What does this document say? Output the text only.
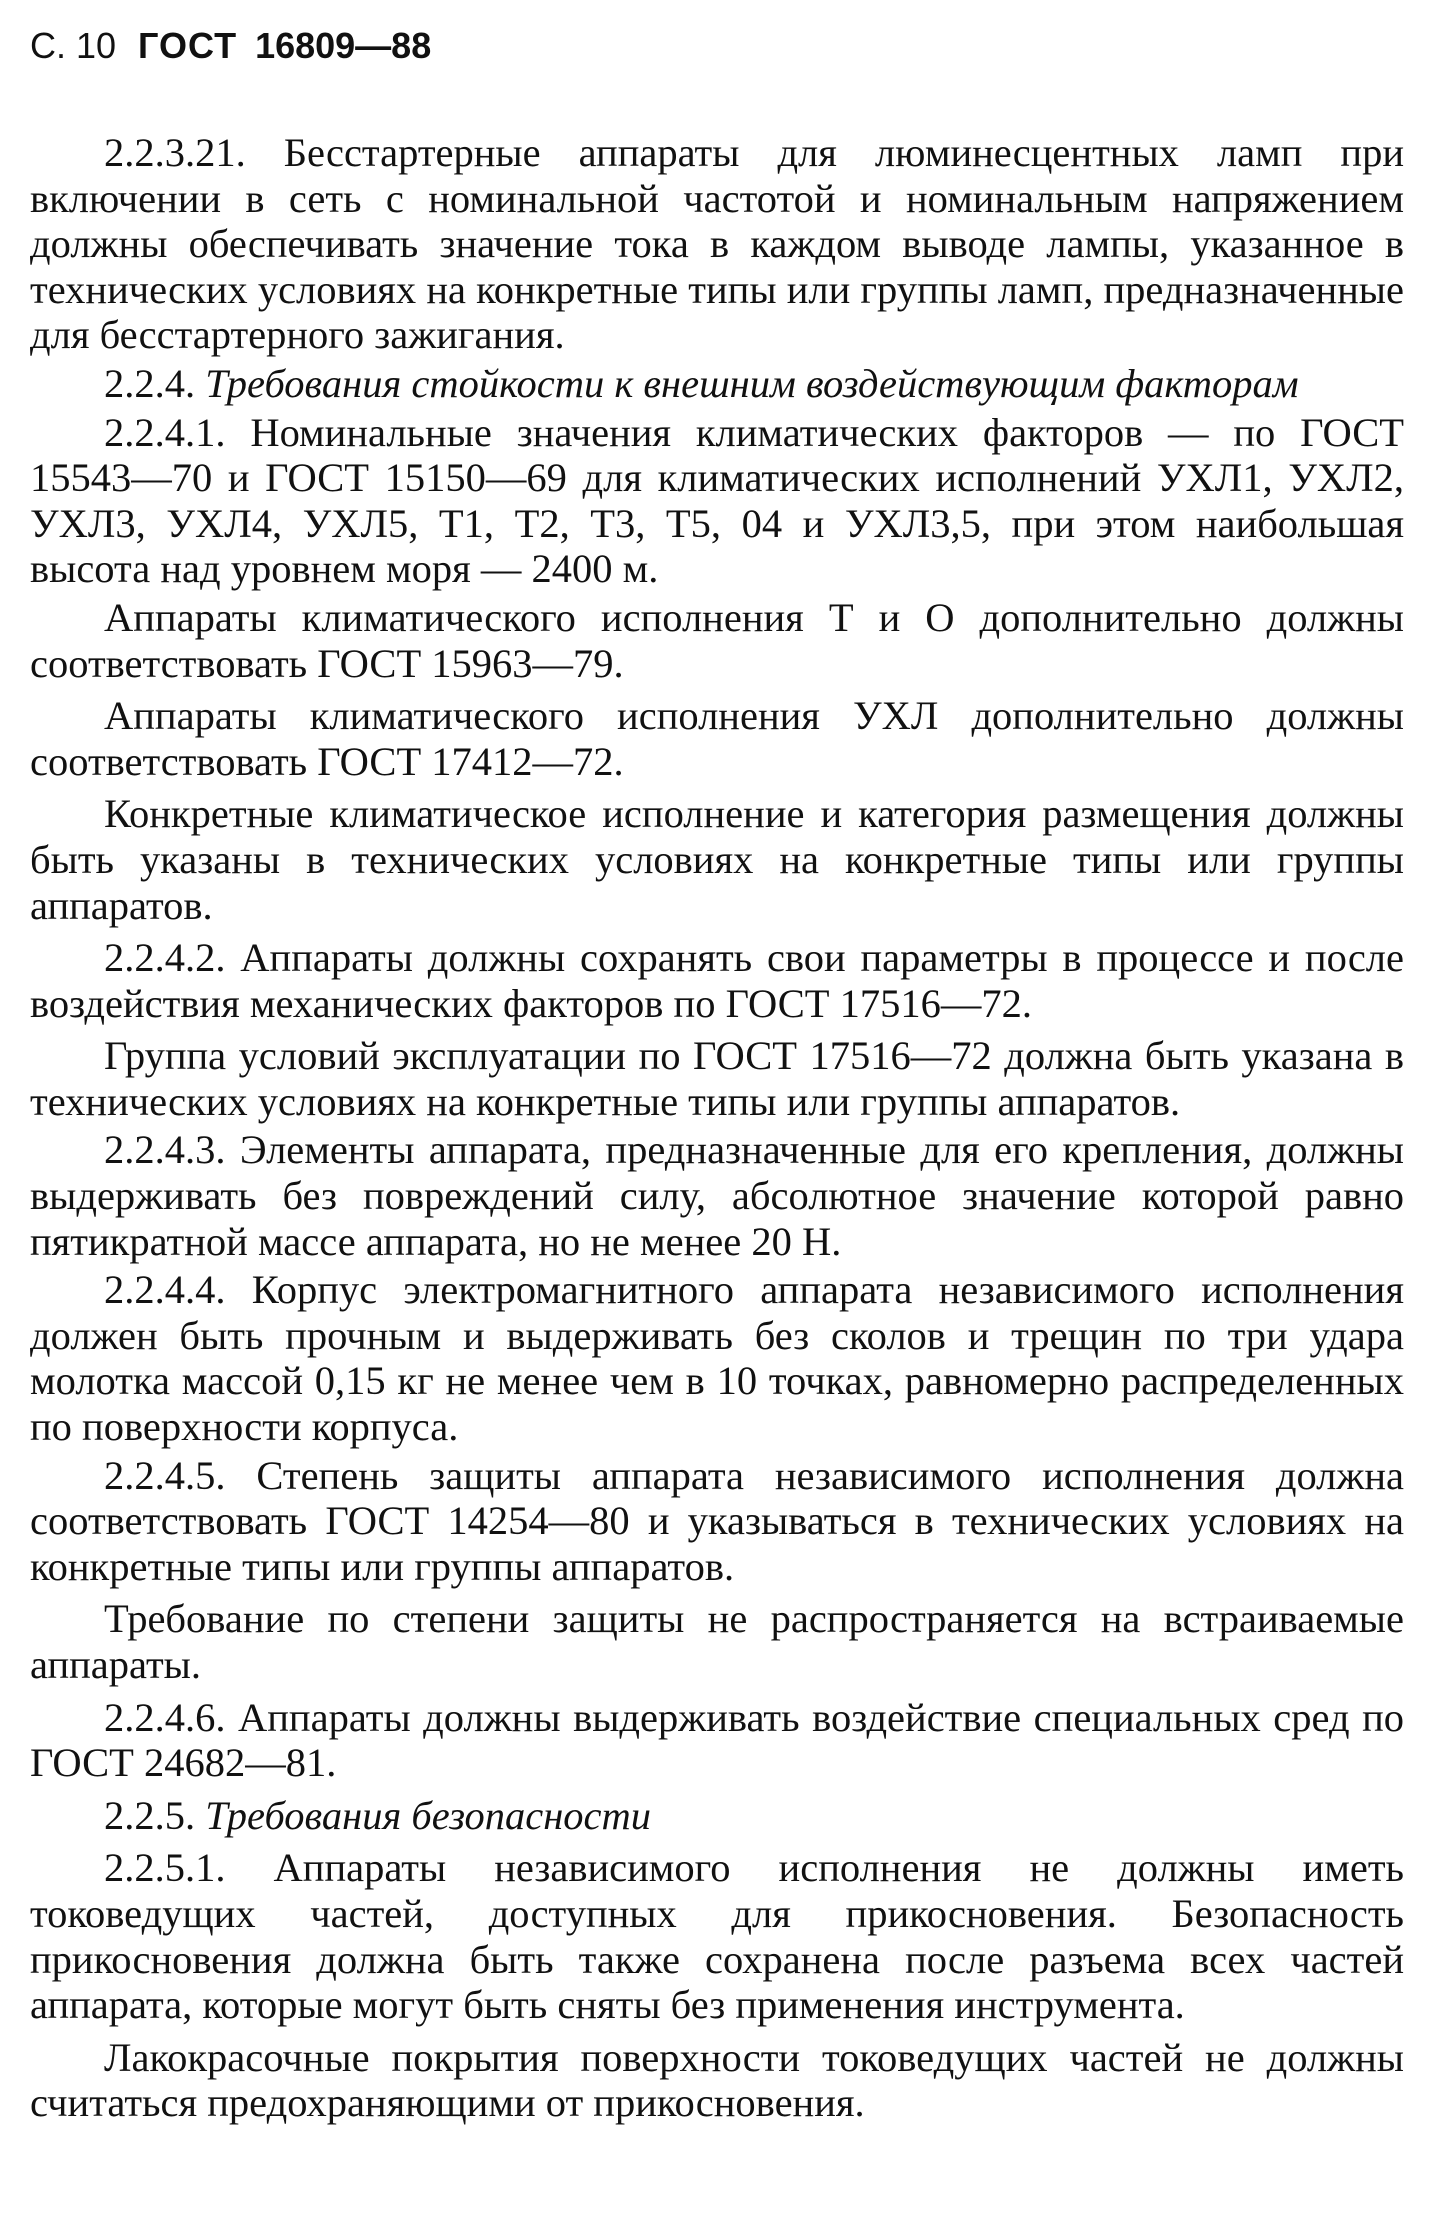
С. 10 ГОСТ 16809—88

2.2.3.21. Бесстартерные аппараты для люминесцентных ламп при включении в сеть с номинальной частотой и номинальным напряжением должны обеспечивать значение тока в каждом выводе лампы, указанное в технических условиях на конкретные типы или группы ламп, предназначенные для бесстартерного зажигания.

2.2.4. Требования стойкости к внешним воздействующим факторам

2.2.4.1. Номинальные значения климатических факторов — по ГОСТ 15543—70 и ГОСТ 15150—69 для климатических исполнений УХЛ1, УХЛ2, УХЛ3, УХЛ4, УХЛ5, Т1, Т2, Т3, Т5, 04 и УХЛ3,5, при этом наибольшая высота над уровнем моря — 2400 м.

Аппараты климатического исполнения Т и О дополнительно должны соответствовать ГОСТ 15963—79.

Аппараты климатического исполнения УХЛ дополнительно должны соответствовать ГОСТ 17412—72.

Конкретные климатическое исполнение и категория размещения должны быть указаны в технических условиях на конкретные типы или группы аппаратов.

2.2.4.2. Аппараты должны сохранять свои параметры в процессе и после воздействия механических факторов по ГОСТ 17516—72.

Группа условий эксплуатации по ГОСТ 17516—72 должна быть указана в технических условиях на конкретные типы или группы аппаратов.

2.2.4.3. Элементы аппарата, предназначенные для его крепления, должны выдерживать без повреждений силу, абсолютное значение которой равно пятикратной массе аппарата, но не менее 20 Н.

2.2.4.4. Корпус электромагнитного аппарата независимого исполнения должен быть прочным и выдерживать без сколов и трещин по три удара молотка массой 0,15 кг не менее чем в 10 точках, равномерно распределенных по поверхности корпуса.

2.2.4.5. Степень защиты аппарата независимого исполнения должна соответствовать ГОСТ 14254—80 и указываться в технических условиях на конкретные типы или группы аппаратов.

Требование по степени защиты не распространяется на встраиваемые аппараты.

2.2.4.6. Аппараты должны выдерживать воздействие специальных сред по ГОСТ 24682—81.

2.2.5. Требования безопасности

2.2.5.1. Аппараты независимого исполнения не должны иметь токоведущих частей, доступных для прикосновения. Безопасность прикосновения должна быть также сохранена после разъема всех частей аппарата, которые могут быть сняты без применения инструмента.

Лакокрасочные покрытия поверхности токоведущих частей не должны считаться предохраняющими от прикосновения.
